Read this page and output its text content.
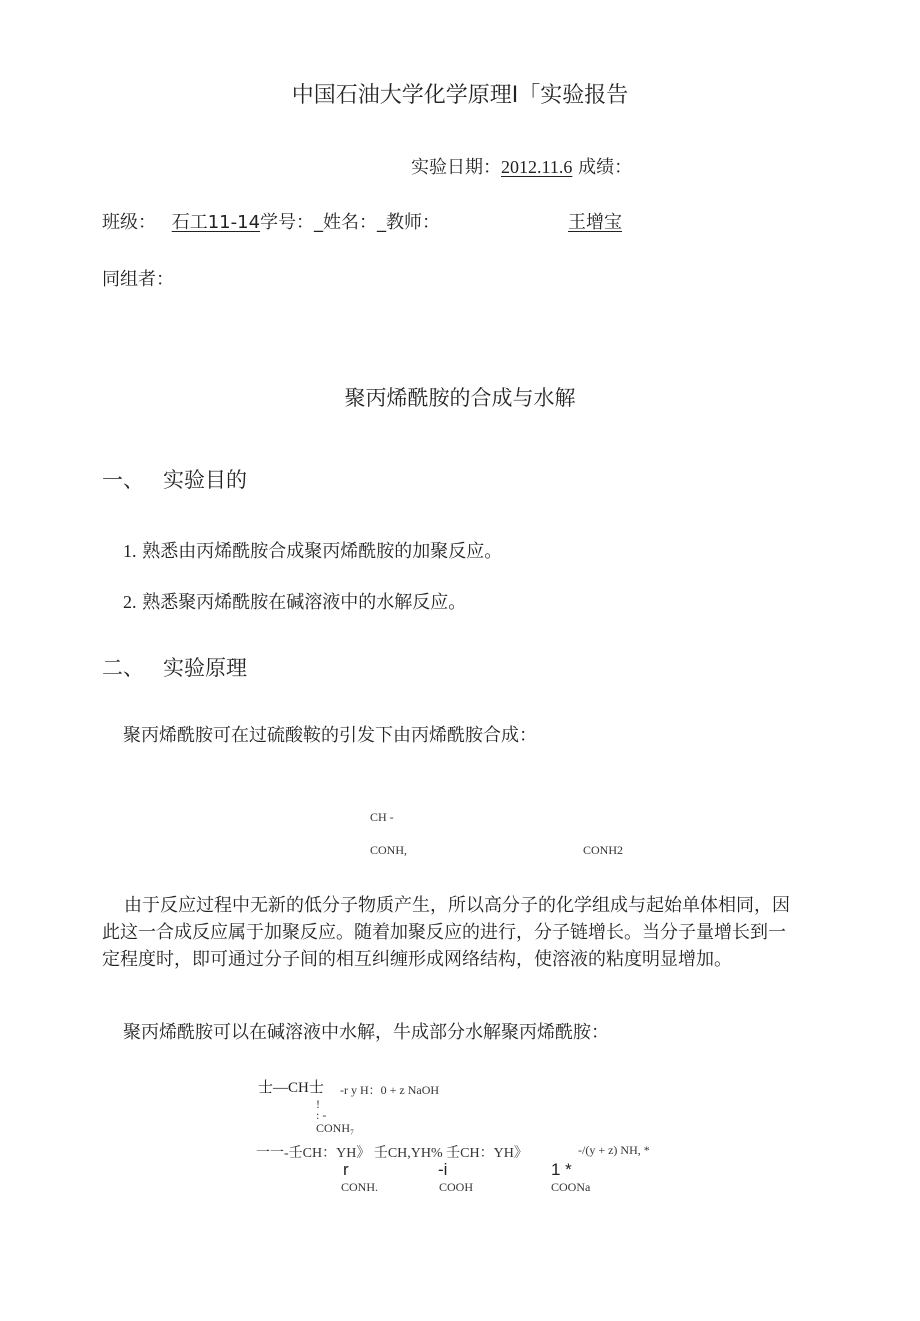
中国石油大学化学原理Ⅰ「实验报告
实验日期：2012.11.6 成绩：
班级： 石工11-14学号：_姓名：_教师：	王增宝
同组者：
聚丙烯酰胺的合成与水解
一、 实验目的
1. 熟悉由丙烯酰胺合成聚丙烯酰胺的加聚反应。
2. 熟悉聚丙烯酰胺在碱溶液中的水解反应。
二、 实验原理
聚丙烯酰胺可在过硫酸鞍的引发下由丙烯酰胺合成：
CH -
CONH,	CONH2
由于反应过程中无新的低分子物质产生，所以高分子的化学组成与起始单体相同，因此这一合成反应属于加聚反应。随着加聚反应的进行，分子链增长。当分子量增长到一定程度时，即可通过分子间的相互纠缠形成网络结构，使溶液的粘度明显增加。
聚丙烯酰胺可以在碱溶液中水解，牛成部分水解聚丙烯酰胺：
士—CH士 -r y H：0 + z NaOH
!
: -
CONH₇
一一-壬CH：YH》 壬CH,YH% 壬CH：YH》	-/(y + z) NH, *
r	-i	1 *
CONH.	COOH	COONa
